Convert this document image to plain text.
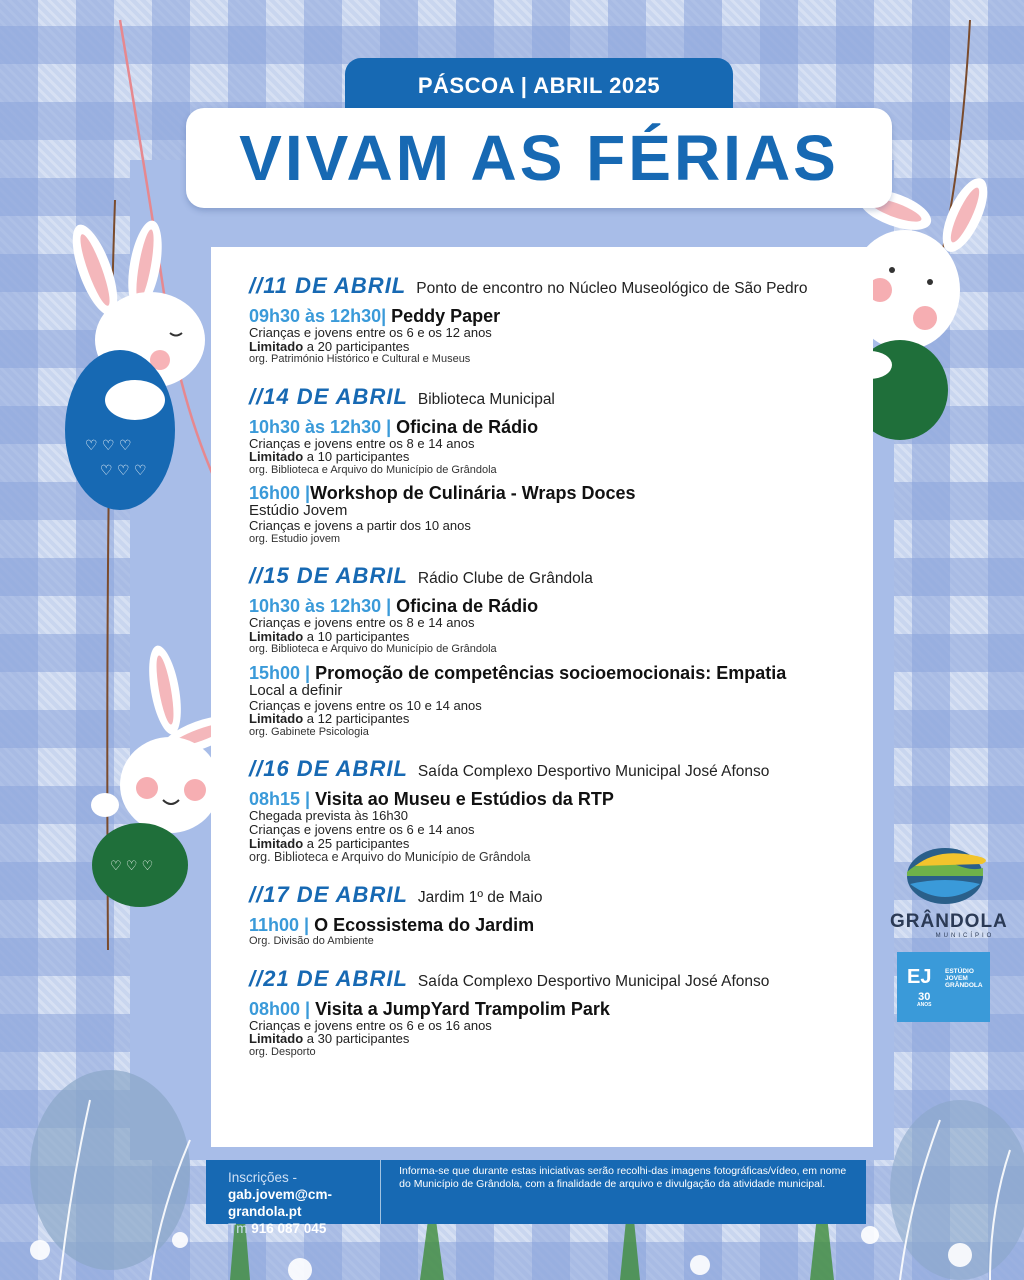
♡ ♡ ♡
♡ ♡ ♡
♡ ♡ ♡
PÁSCOA | ABRIL 2025
VIVAM AS FÉRIAS
//11 DE ABRIL Ponto de encontro no Núcleo Museológico de São Pedro
09h30 às 12h30| Peddy Paper
Crianças e jovens entre os 6 e os 12 anos
Limitado a 20 participantes
org. Património Histórico e Cultural e Museus
//14 DE ABRIL Biblioteca Municipal
10h30 às 12h30 | Oficina de Rádio
Crianças e jovens entre os 8 e 14 anos
Limitado a 10 participantes
org. Biblioteca e Arquivo do Município de Grândola
16h00 |Workshop de Culinária - Wraps Doces
Estúdio Jovem
Crianças e jovens a partir dos 10 anos
org. Estudio jovem
//15 DE ABRIL Rádio Clube de Grândola
10h30 às 12h30 | Oficina de Rádio
Crianças e jovens entre os 8 e 14 anos
Limitado a 10 participantes
org. Biblioteca e Arquivo do Município de Grândola
15h00 | Promoção de competências socioemocionais: Empatia
Local a definir
Crianças e jovens entre os 10 e 14 anos
Limitado a 12 participantes
org. Gabinete Psicologia
//16 DE ABRIL Saída Complexo Desportivo Municipal José Afonso
08h15 | Visita ao Museu e Estúdios da RTP
Chegada prevista às 16h30
Crianças e jovens entre os 6 e 14 anos
Limitado a 25 participantes
org. Biblioteca e Arquivo do Município de Grândola
//17 DE ABRIL Jardim 1º de Maio
11h00 | O Ecossistema do Jardim
Org. Divisão do Ambiente
//21 DE ABRIL Saída Complexo Desportivo Municipal José Afonso
08h00 | Visita a JumpYard Trampolim Park
Crianças e jovens entre os 6 e os 16 anos
Limitado a 30 participantes
org. Desporto
Inscrições - gab.jovem@cm-grandola.pt
Tm 916 087 045
Informa-se que durante estas iniciativas serão recolhi-das imagens fotográficas/vídeo, em nome do Município de Grândola, com a finalidade de arquivo e divulgação da atividade municipal.
GRÂNDOLA
MUNICÍPIO
EJ ESTÚDIO JOVEM GRÂNDOLA
30
ANOS
